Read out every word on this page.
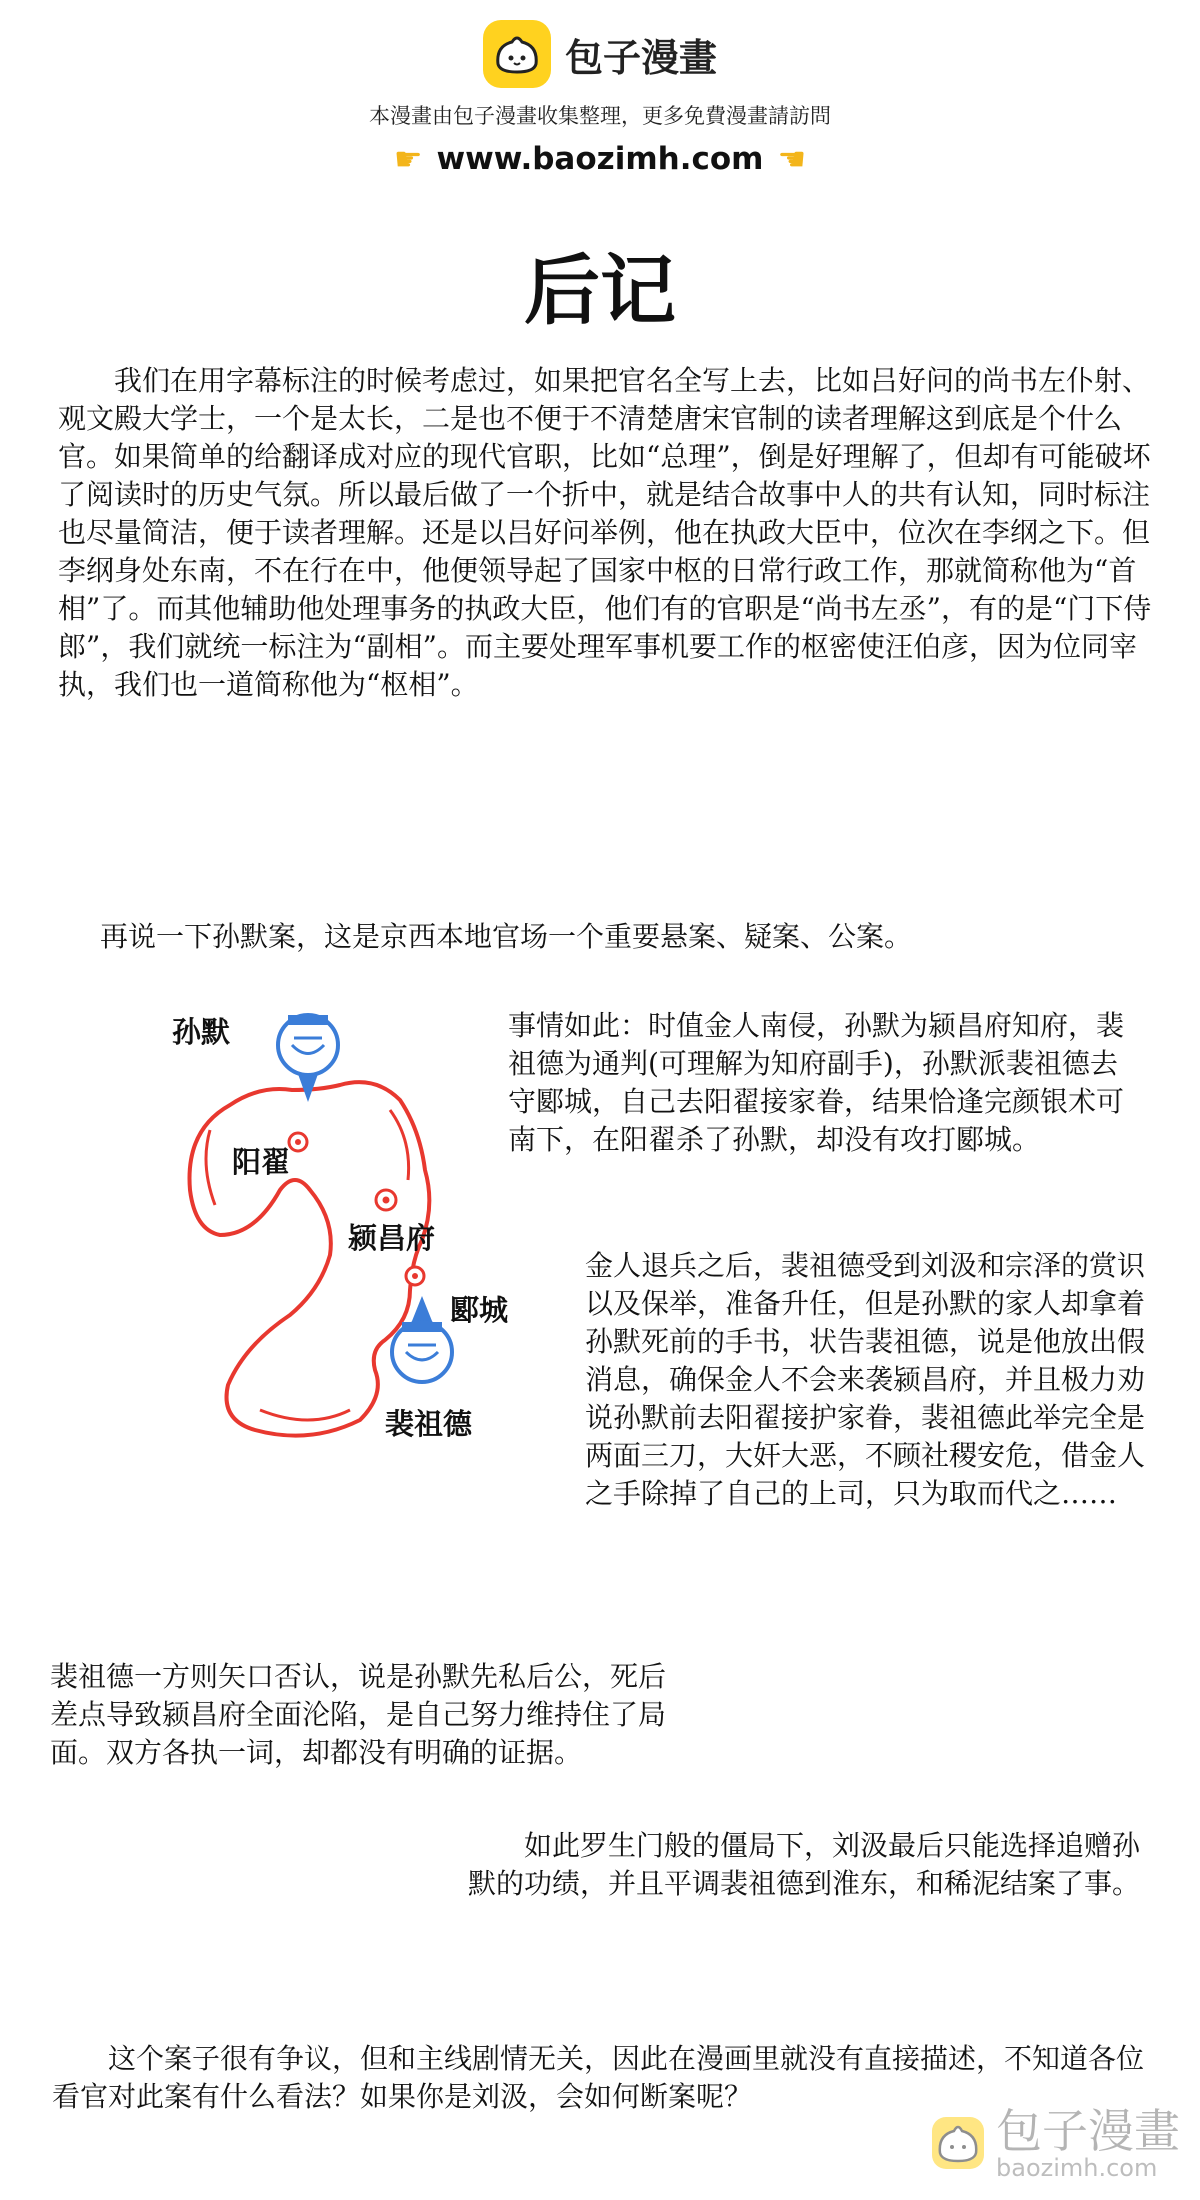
包子漫畫
本漫畫由包子漫畫收集整理，更多免費漫畫請訪問
☛ www.baozimh.com ☚
后记

我们在用字幕标注的时候考虑过，如果把官名全写上去，比如吕好问的尚书左仆射、观文殿大学士，一个是太长，二是也不便于不清楚唐宋官制的读者理解这到底是个什么官。如果简单的给翻译成对应的现代官职，比如“总理”，倒是好理解了，但却有可能破坏了阅读时的历史气氛。所以最后做了一个折中，就是结合故事中人的共有认知，同时标注也尽量简洁，便于读者理解。还是以吕好问举例，他在执政大臣中，位次在李纲之下。但李纲身处东南，不在行在中，他便领导起了国家中枢的日常行政工作，那就简称他为“首相”了。而其他辅助他处理事务的执政大臣，他们有的官职是“尚书左丞”，有的是“门下侍郎”，我们就统一标注为“副相”。而主要处理军事机要工作的枢密使汪伯彦，因为位同宰执，我们也一道简称他为“枢相”。

再说一下孙默案，这是京西本地官场一个重要悬案、疑案、公案。

孙默
阳翟
颍昌府
郾城
裴祖德

事情如此：时值金人南侵，孙默为颍昌府知府，裴祖德为通判(可理解为知府副手)，孙默派裴祖德去守郾城，自己去阳翟接家眷，结果恰逢完颜银术可南下，在阳翟杀了孙默，却没有攻打郾城。

金人退兵之后，裴祖德受到刘汲和宗泽的赏识以及保举，准备升任，但是孙默的家人却拿着孙默死前的手书，状告裴祖德，说是他放出假消息，确保金人不会来袭颍昌府，并且极力劝说孙默前去阳翟接护家眷，裴祖德此举完全是两面三刀，大奸大恶，不顾社稷安危，借金人之手除掉了自己的上司，只为取而代之……

裴祖德一方则矢口否认，说是孙默先私后公，死后差点导致颍昌府全面沦陷，是自己努力维持住了局面。双方各执一词，却都没有明确的证据。

如此罗生门般的僵局下，刘汲最后只能选择追赠孙默的功绩，并且平调裴祖德到淮东，和稀泥结案了事。

这个案子很有争议，但和主线剧情无关，因此在漫画里就没有直接描述，不知道各位看官对此案有什么看法？如果你是刘汲，会如何断案呢？

包子漫畫
baozimh.com
